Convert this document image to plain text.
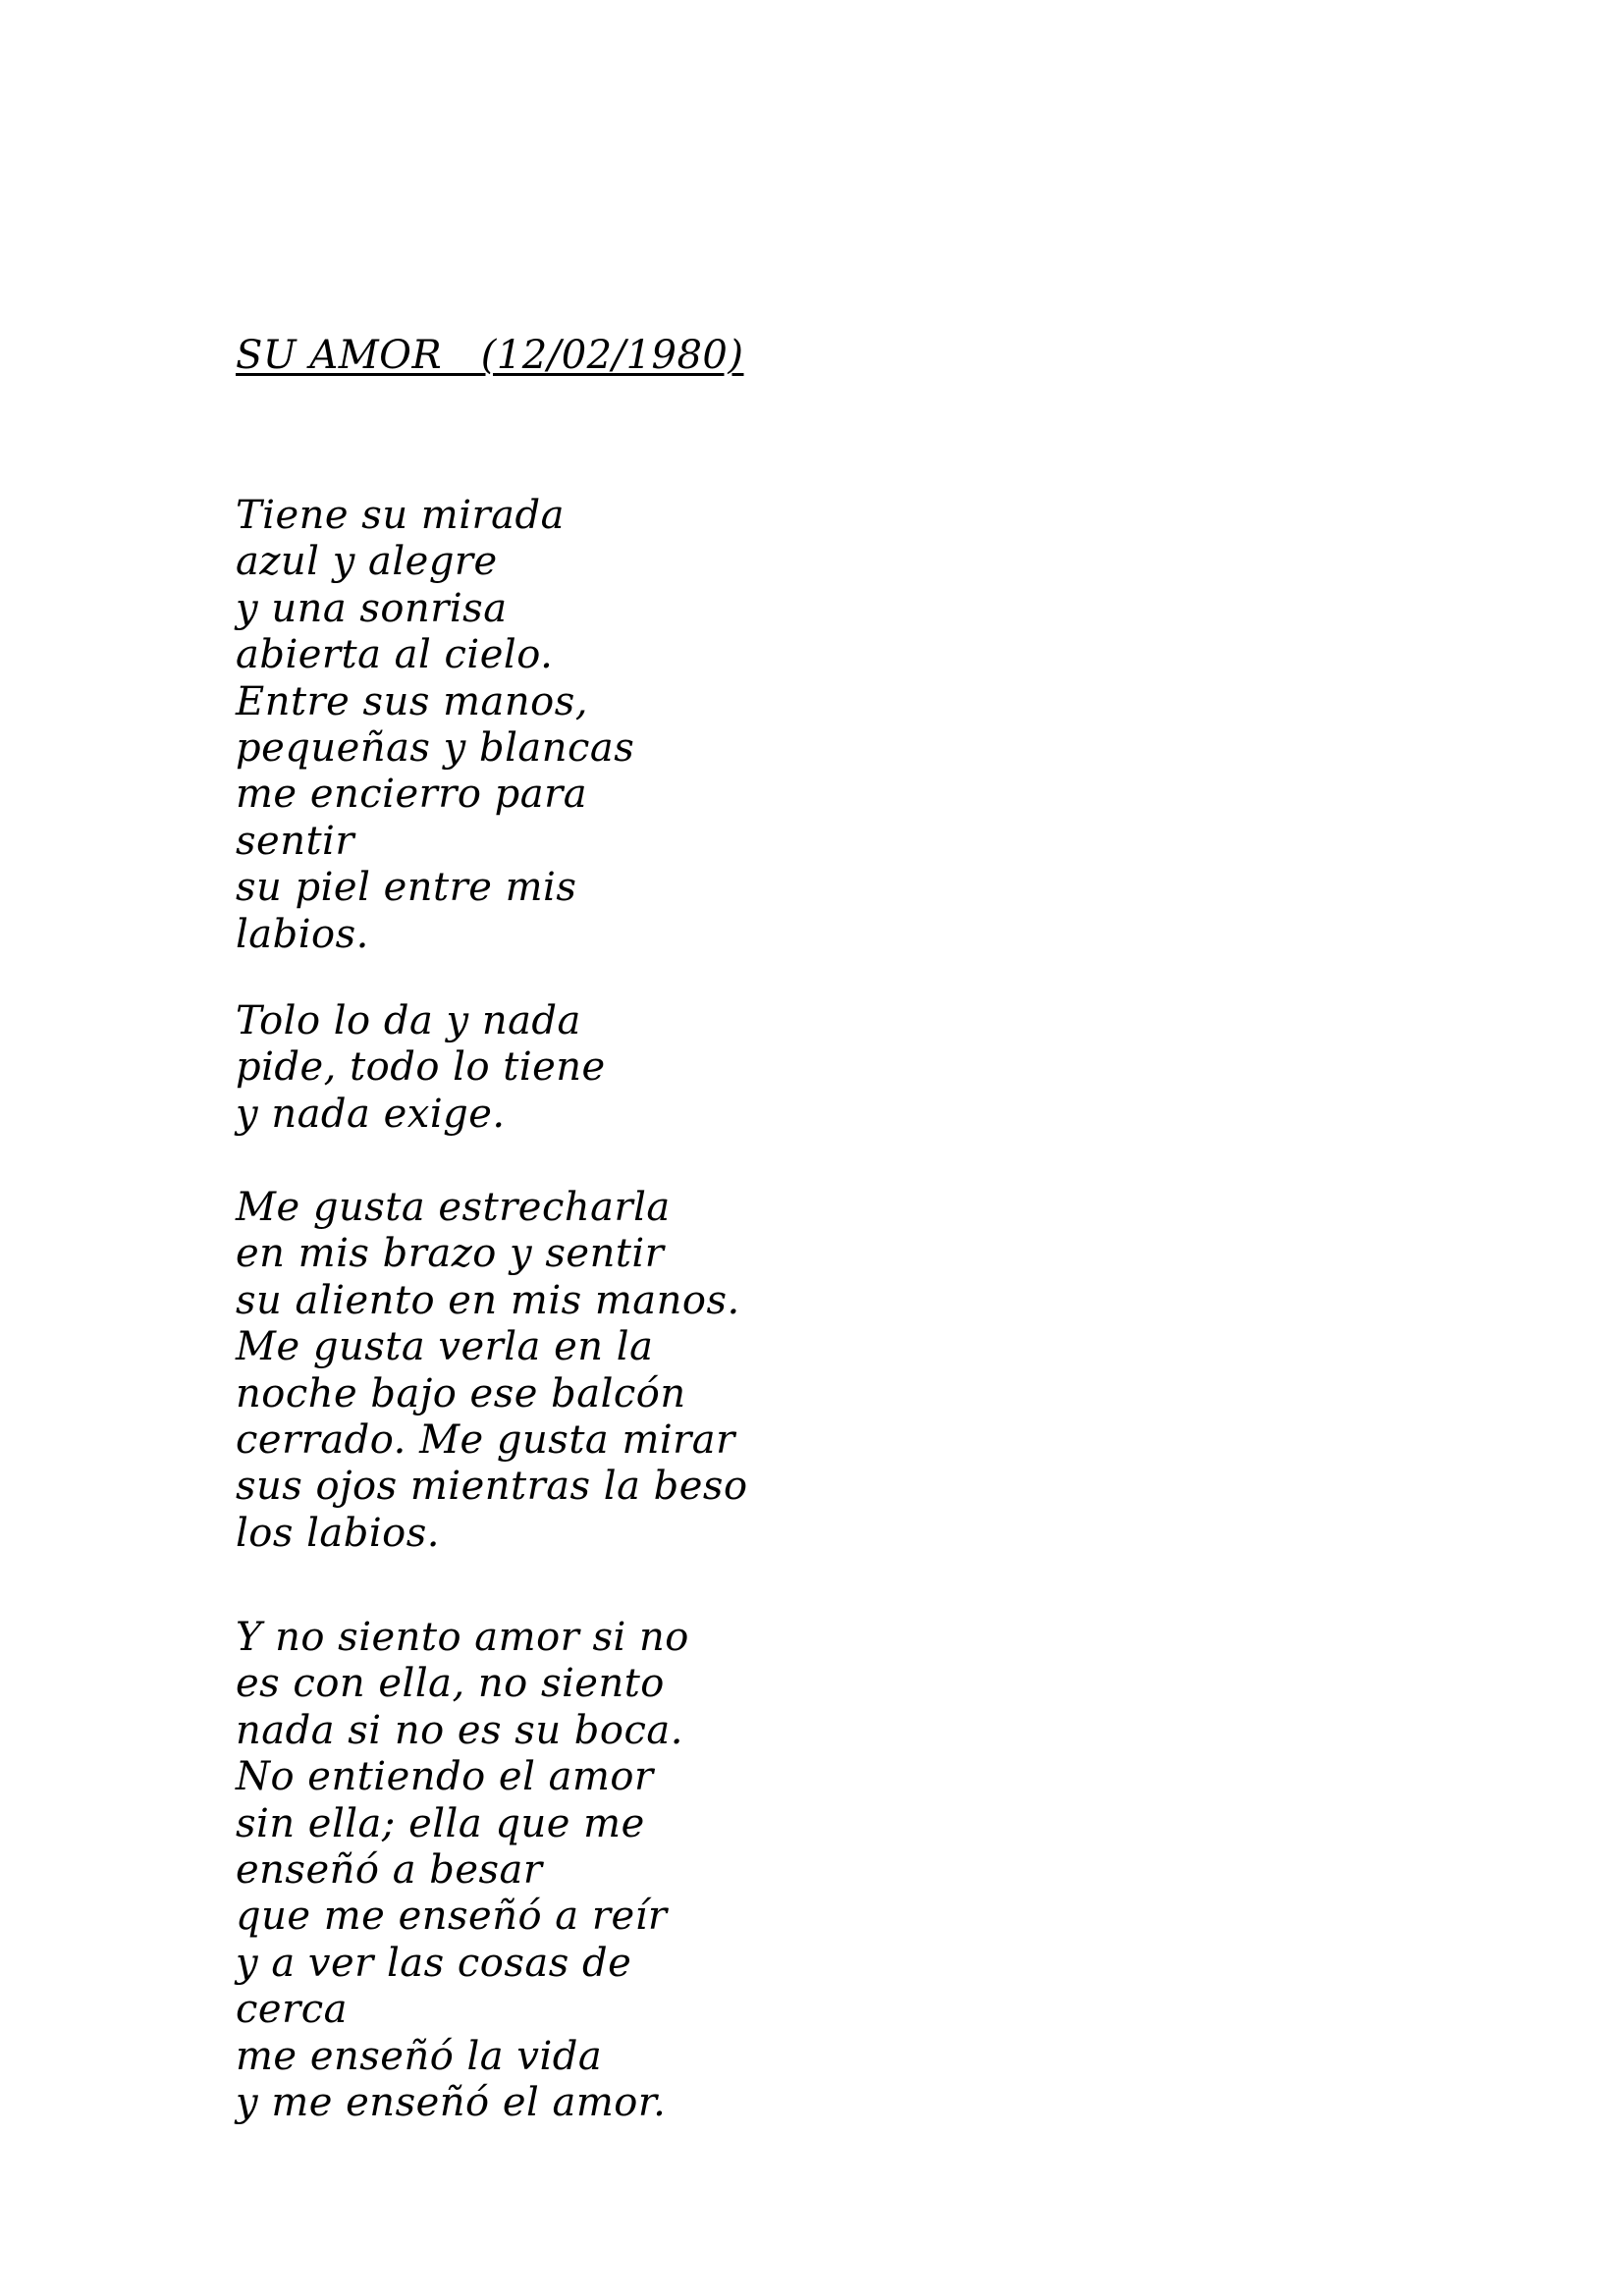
SU AMOR   (12/02/1980)
Tiene su mirada
azul y alegre
y una sonrisa
abierta al cielo.
Entre sus manos,
pequeñas y blancas
me encierro para
sentir
su piel entre mis
labios.
Tolo lo da y nada
pide, todo lo tiene
y nada exige.
Me gusta estrecharla
en mis brazo y sentir
su aliento en mis manos.
Me gusta verla en la
noche bajo ese balcón
cerrado. Me gusta mirar
sus ojos mientras la beso
los labios.
Y no siento amor si no
es con ella, no siento
nada si no es su boca.
No entiendo el amor
sin ella; ella que me
enseñó a besar
que me enseñó a reír
y a ver las cosas de
cerca
me enseñó la vida
y me enseñó el amor.
